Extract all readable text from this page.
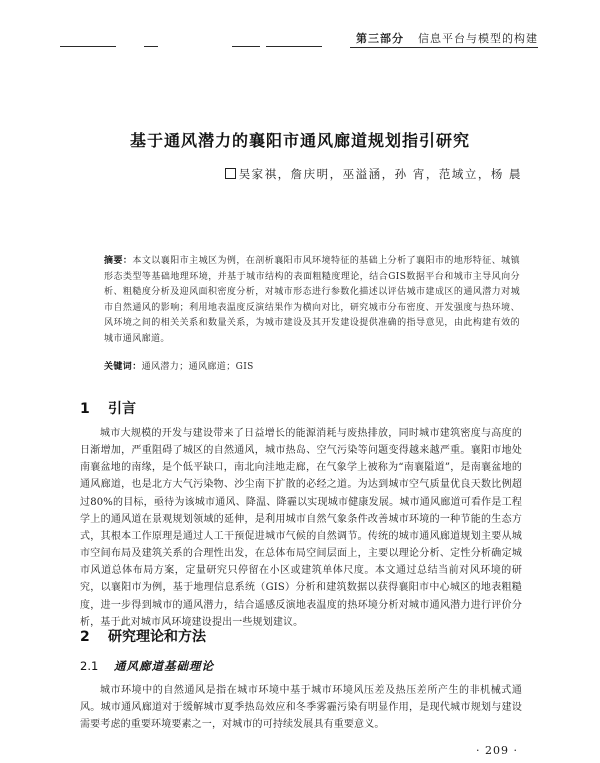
第三部分 信息平台与模型的构建
基于通风潜力的襄阳市通风廊道规划指引研究
吴家祺，詹庆明，巫溢涵，孙 宵，范域立，杨 晨
摘要：本文以襄阳市主城区为例，在剖析襄阳市风环境特征的基础上分析了襄阳市的地形特征、城镇形态类型等基础地理环境，并基于城市结构的表面粗糙度理论，结合GIS数据平台和城市主导风向分析、粗糙度分析及迎风面积密度分析，对城市形态进行参数化描述以评估城市建成区的通风潜力对城市自然通风的影响；利用地表温度反演结果作为横向对比，研究城市分布密度、开发强度与热环境、风环境之间的相关关系和数量关系，为城市建设及其开发建设提供准确的指导意见，由此构建有效的城市通风廊道。
关键词：通风潜力；通风廊道；GIS
1 引言
城市大规模的开发与建设带来了日益增长的能源消耗与废热排放，同时城市建筑密度与高度的日渐增加，严重阻碍了城区的自然通风，城市热岛、空气污染等问题变得越来越严重。襄阳市地处南襄盆地的南缘，是个低平缺口，南北向洼地走廊，在气象学上被称为“南襄隘道”，是南襄盆地的通风廊道，也是北方大气污染物、沙尘南下扩散的必经之道。为达到城市空气质量优良天数比例超过80%的目标，亟待为该城市通风、降温、降霾以实现城市健康发展。城市通风廊道可看作是工程学上的通风道在景观规划领域的延伸，是利用城市自然气象条件改善城市环境的一种节能的生态方式，其根本工作原理是通过人工干预促进城市气候的自然调节。传统的城市通风廊道规划主要从城市空间布局及建筑关系的合理性出发，在总体布局空间层面上，主要以理论分析、定性分析确定城市风道总体布局方案，定量研究只停留在小区或建筑单体尺度。本文通过总结当前对风环境的研究，以襄阳市为例，基于地理信息系统（GIS）分析和建筑数据以获得襄阳市中心城区的地表粗糙度，进一步得到城市的通风潜力，结合遥感反演地表温度的热环境分析对城市通风潜力进行评价分析，基于此对城市风环境建设提出一些规划建议。
2 研究理论和方法
2.1 通风廊道基础理论
城市环境中的自然通风是指在城市环境中基于城市环境风压差及热压差所产生的非机械式通风。城市通风廊道对于缓解城市夏季热岛效应和冬季雾霾污染有明显作用，是现代城市规划与建设需要考虑的重要环境要素之一，对城市的可持续发展具有重要意义。
· 209 ·
